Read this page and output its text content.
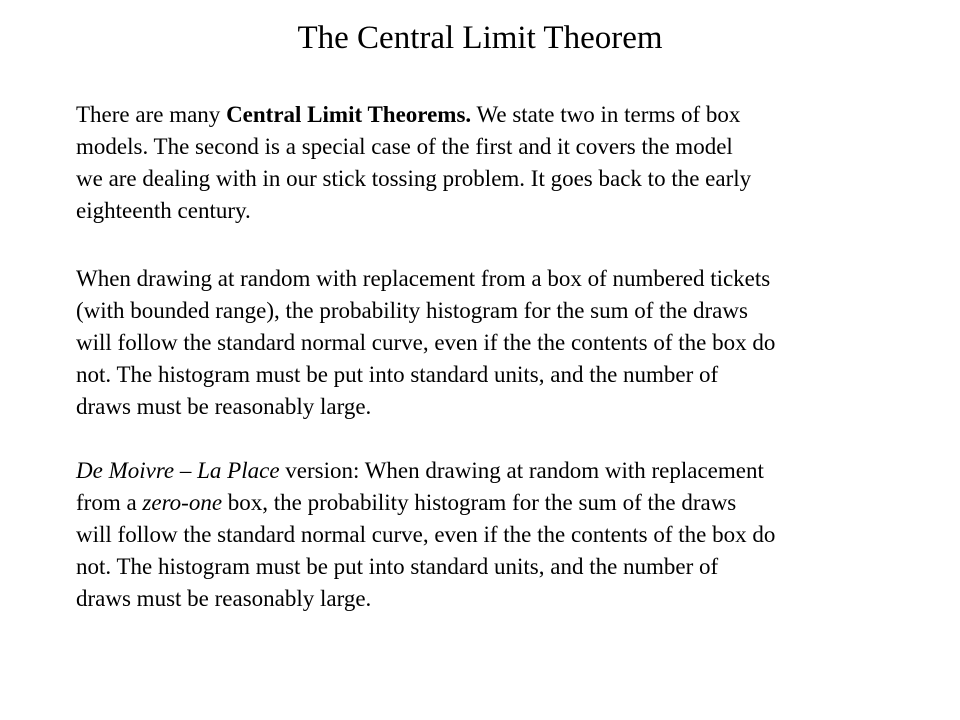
The Central Limit Theorem

There are many Central Limit Theorems. We state two in terms of box
models. The second is a special case of the first and it covers the model
we are dealing with in our stick tossing problem. It goes back to the early
eighteenth century.

When drawing at random with replacement from a box of numbered tickets
(with bounded range), the probability histogram for the sum of the draws
will follow the standard normal curve, even if the the contents of the box do
not. The histogram must be put into standard units, and the number of
draws must be reasonably large.

De Moivre – La Place version: When drawing at random with replacement
from a zero-one box, the probability histogram for the sum of the draws
will follow the standard normal curve, even if the the contents of the box do
not. The histogram must be put into standard units, and the number of
draws must be reasonably large.
